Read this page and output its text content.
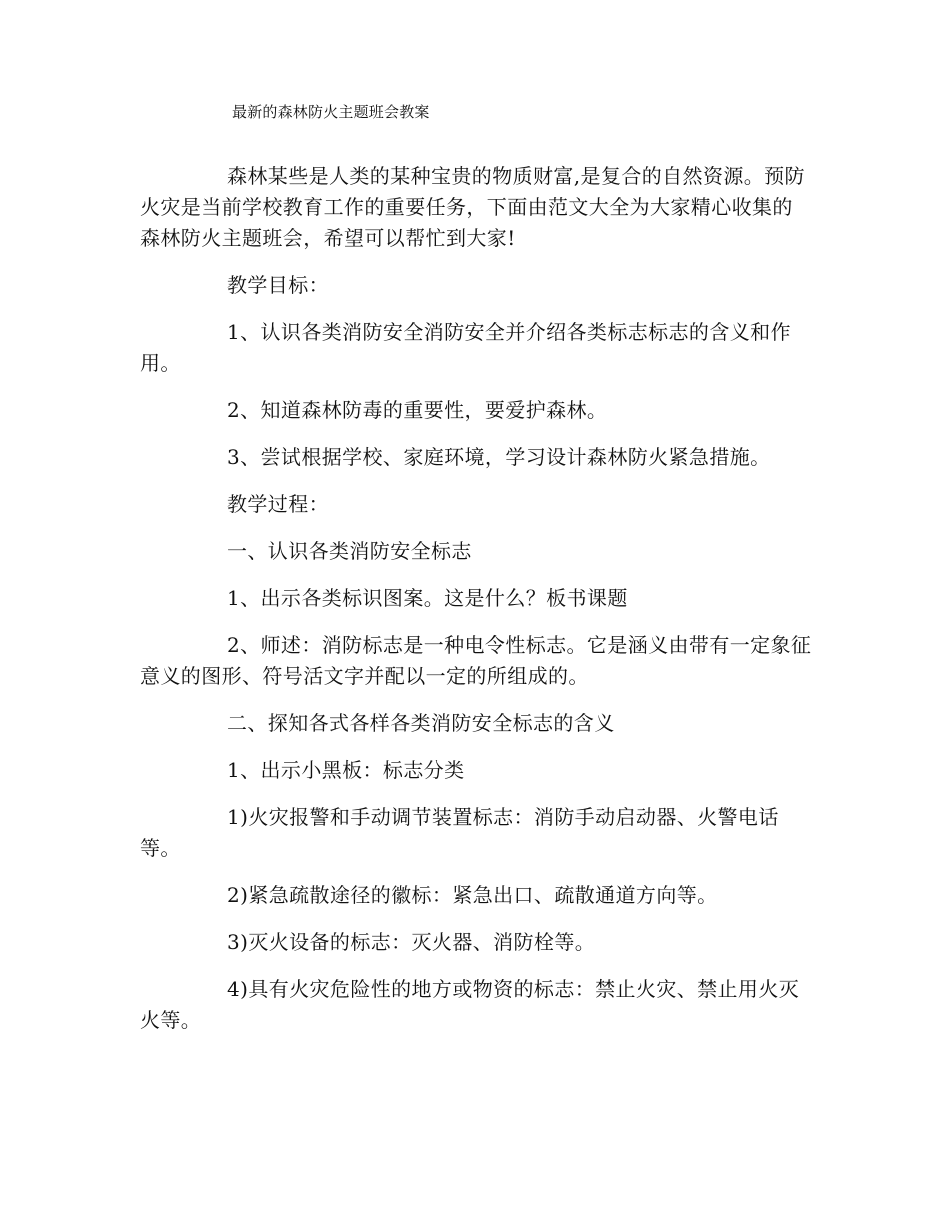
最新的森林防火主题班会教案

森林某些是人类的某种宝贵的物质财富,是复合的自然资源。预防火灾是当前学校教育工作的重要任务，下面由范文大全为大家精心收集的森林防火主题班会，希望可以帮忙到大家!

教学目标：

1、认识各类消防安全消防安全并介绍各类标志标志的含义和作用。

2、知道森林防毒的重要性，要爱护森林。

3、尝试根据学校、家庭环境，学习设计森林防火紧急措施。

教学过程：

一、认识各类消防安全标志

1、出示各类标识图案。这是什么？板书课题

2、师述：消防标志是一种电令性标志。它是涵义由带有一定象征意义的图形、符号活文字并配以一定的所组成的。

二、探知各式各样各类消防安全标志的含义

1、出示小黑板：标志分类

1)火灾报警和手动调节装置标志：消防手动启动器、火警电话等。

2)紧急疏散途径的徽标：紧急出口、疏散通道方向等。

3)灭火设备的标志：灭火器、消防栓等。

4)具有火灾危险性的地方或物资的标志：禁止火灾、禁止用火灭火等。
